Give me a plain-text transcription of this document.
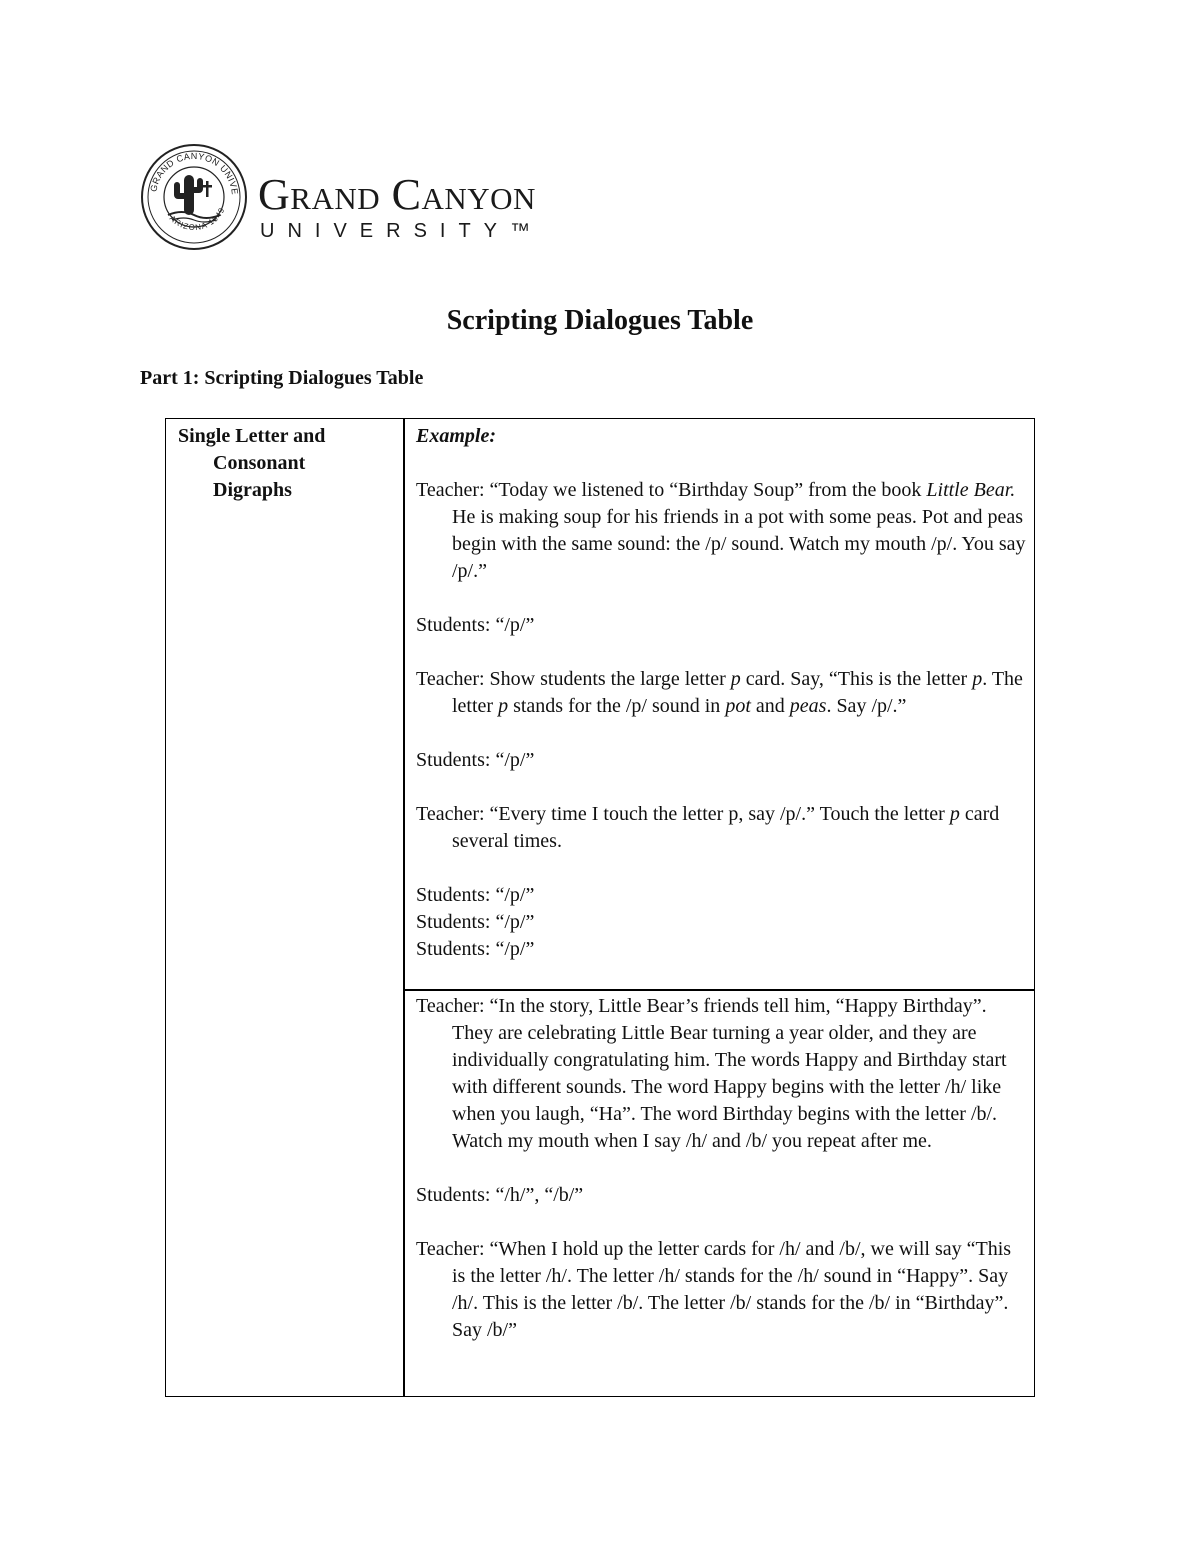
GRAND CANYON UNIVE
ARIZONA 1949 Grand Canyon
UNIVERSITY™
Scripting Dialogues Table
Part 1: Scripting Dialogues Table
Single Letter and
Consonant
Digraphs
Example:

Teacher: “Today we listened to “Birthday Soup” from the book Little Bear. He is making soup for his friends in a pot with some peas. Pot and peas begin with the same sound: the /p/ sound. Watch my mouth /p/. You say /p/.”

Students: “/p/”

Teacher: Show students the large letter p card. Say, “This is the letter p. The letter p stands for the /p/ sound in pot and peas. Say /p/.”

Students: “/p/”

Teacher: “Every time I touch the letter p, say /p/.” Touch the letter p card several times.

Students: “/p/”

Students: “/p/”

Students: “/p/”

Teacher: “In the story, Little Bear’s friends tell him, “Happy Birthday”. They are celebrating Little Bear turning a year older, and they are individually congratulating him. The words Happy and Birthday start with different sounds. The word Happy begins with the letter /h/ like when you laugh, “Ha”. The word Birthday begins with the letter /b/. Watch my mouth when I say /h/ and /b/ you repeat after me.

Students: “/h/”, “/b/”

Teacher: “When I hold up the letter cards for /h/ and /b/, we will say “This is the letter /h/. The letter /h/ stands for the /h/ sound in “Happy”. Say /h/. This is the letter /b/. The letter /b/ stands for the /b/ in “Birthday”. Say /b/”
